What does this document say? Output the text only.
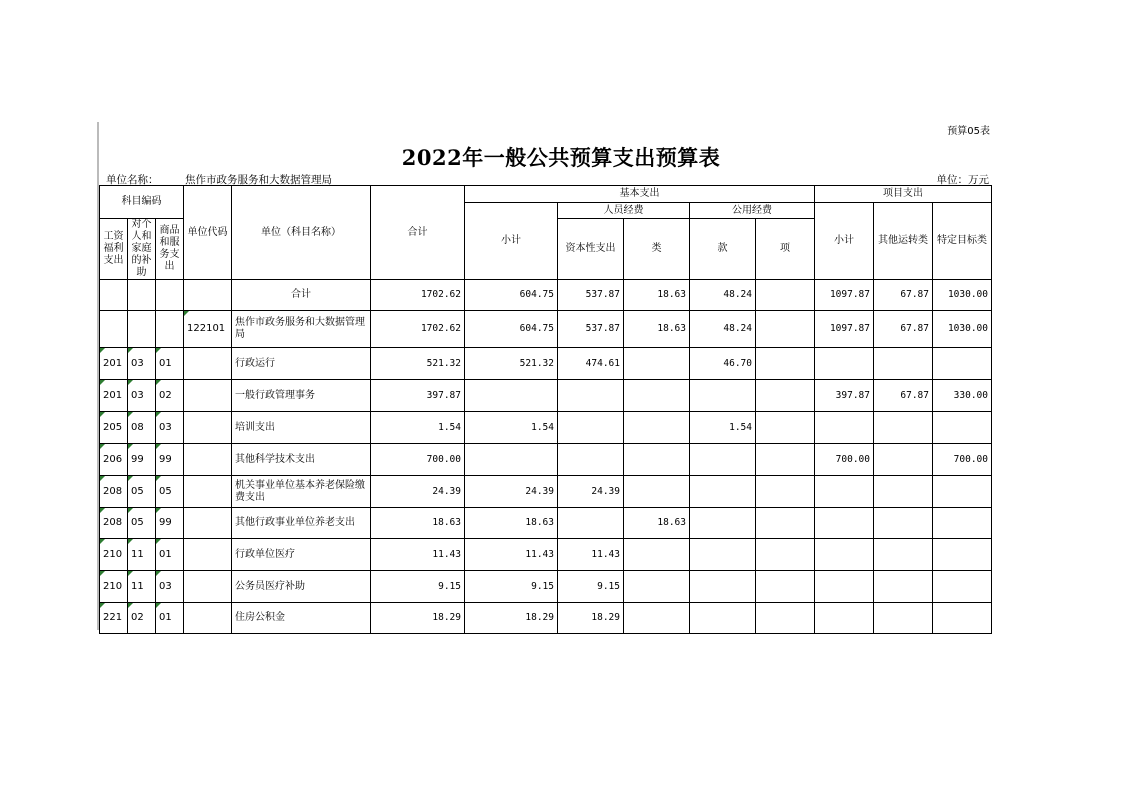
预算05表
2022年一般公共预算支出预算表
单位名称：	焦作市政务服务和大数据管理局	单位：万元
科目编码			单位代码	单位（科目名称）	合计	基本支出					项目支出		
						小计	人员经费		公用经费		小计	其他运转类	特定目标类
工资福利支出	对个人和家庭的补助	商品和服务支出					资本性支出						
								类	款	项			
				合计	1702.62	604.75	537.87	18.63	48.24		1097.87	67.87	1030.00
			122101	焦作市政务服务和大数据管理局	1702.62	604.75	537.87	18.63	48.24		1097.87	67.87	1030.00
201	03	01		行政运行	521.32	521.32	474.61		46.70				
201	03	02		一般行政管理事务	397.87						397.87	67.87	330.00
205	08	03		培训支出	1.54	1.54			1.54				
206	99	99		其他科学技术支出	700.00						700.00		700.00
208	05	05		机关事业单位基本养老保险缴费支出	24.39	24.39	24.39						
208	05	99		其他行政事业单位养老支出	18.63	18.63		18.63					
210	11	01		行政单位医疗	11.43	11.43	11.43						
210	11	03		公务员医疗补助	9.15	9.15	9.15						
221	02	01		住房公积金	18.29	18.29	18.29						
